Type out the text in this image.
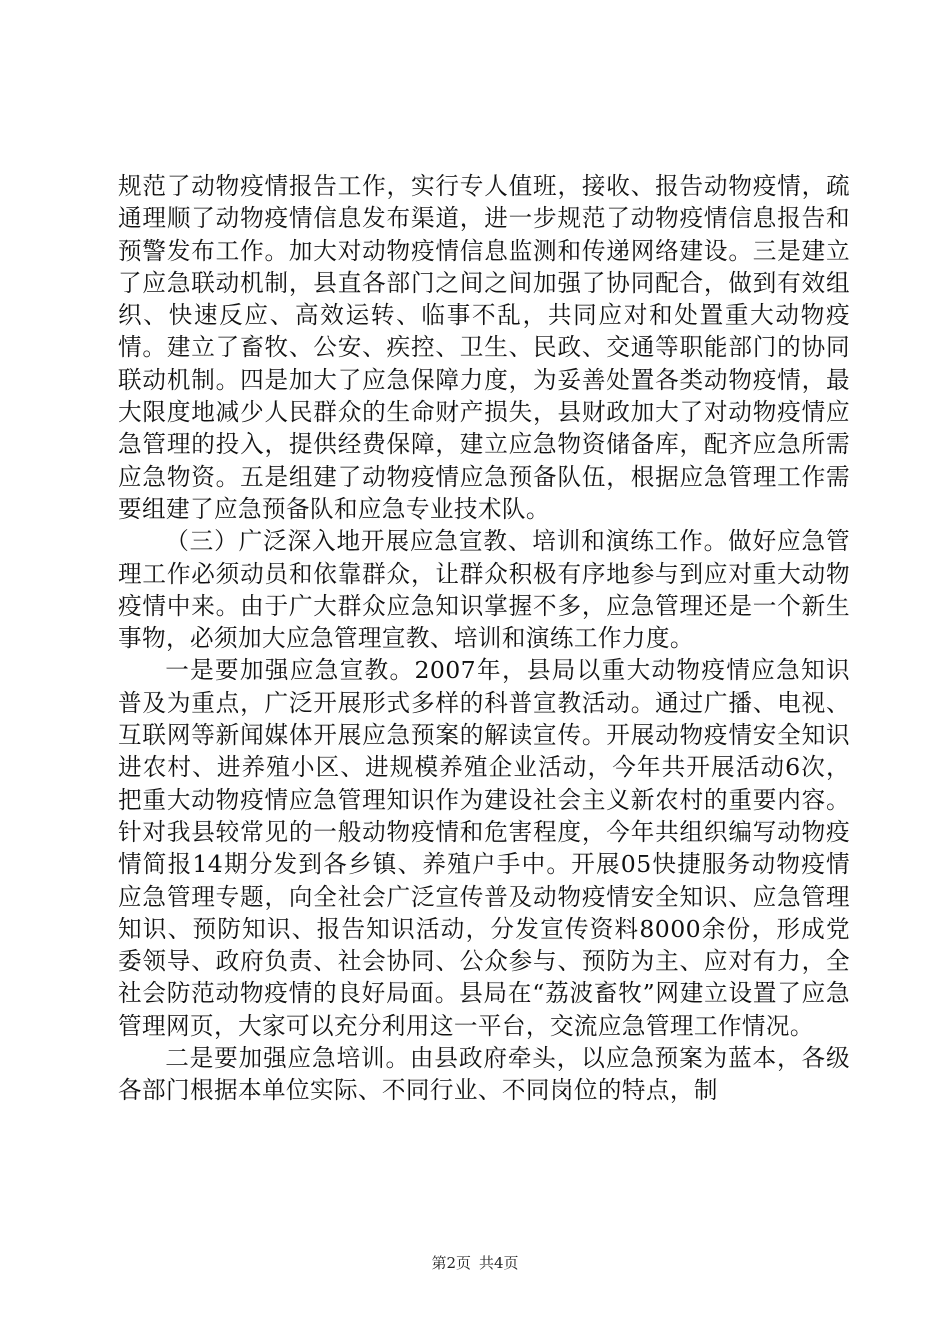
规范了动物疫情报告工作，实行专人值班，接收、报告动物疫情，疏通理顺了动物疫情信息发布渠道，进一步规范了动物疫情信息报告和预警发布工作。加大对动物疫情信息监测和传递网络建设。三是建立了应急联动机制，县直各部门之间之间加强了协同配合，做到有效组织、快速反应、高效运转、临事不乱，共同应对和处置重大动物疫情。建立了畜牧、公安、疾控、卫生、民政、交通等职能部门的协同联动机制。四是加大了应急保障力度，为妥善处置各类动物疫情，最大限度地减少人民群众的生命财产损失，县财政加大了对动物疫情应急管理的投入，提供经费保障，建立应急物资储备库，配齐应急所需应急物资。五是组建了动物疫情应急预备队伍，根据应急管理工作需要组建了应急预备队和应急专业技术队。

（三）广泛深入地开展应急宣教、培训和演练工作。做好应急管理工作必须动员和依靠群众，让群众积极有序地参与到应对重大动物疫情中来。由于广大群众应急知识掌握不多，应急管理还是一个新生事物，必须加大应急管理宣教、培训和演练工作力度。

一是要加强应急宣教。2007年，县局以重大动物疫情应急知识普及为重点，广泛开展形式多样的科普宣教活动。通过广播、电视、互联网等新闻媒体开展应急预案的解读宣传。开展动物疫情安全知识进农村、进养殖小区、进规模养殖企业活动，今年共开展活动6次，把重大动物疫情应急管理知识作为建设社会主义新农村的重要内容。针对我县较常见的一般动物疫情和危害程度，今年共组织编写动物疫情简报14期分发到各乡镇、养殖户手中。开展05快捷服务动物疫情应急管理专题，向全社会广泛宣传普及动物疫情安全知识、应急管理知识、预防知识、报告知识活动，分发宣传资料8000余份，形成党委领导、政府负责、社会协同、公众参与、预防为主、应对有力，全社会防范动物疫情的良好局面。县局在“荔波畜牧”网建立设置了应急管理网页，大家可以充分利用这一平台，交流应急管理工作情况。

二是要加强应急培训。由县政府牵头，以应急预案为蓝本，各级各部门根据本单位实际、不同行业、不同岗位的特点，制

第2页 共4页
